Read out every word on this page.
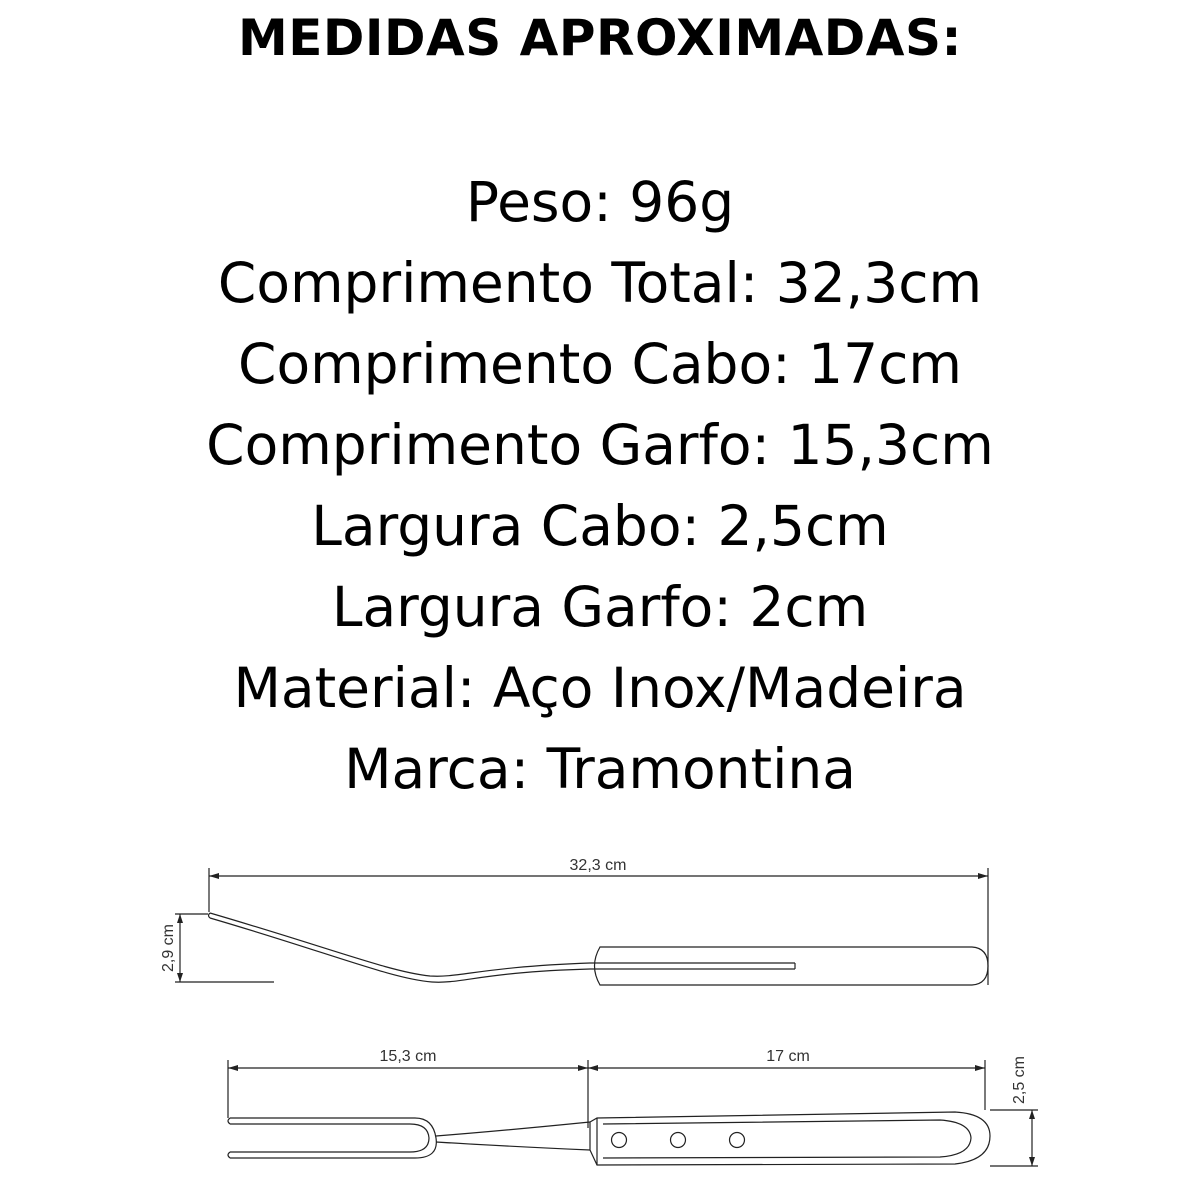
MEDIDAS APROXIMADAS:
Peso: 96g
Comprimento Total: 32,3cm
Comprimento Cabo: 17cm
Comprimento Garfo: 15,3cm
Largura Cabo: 2,5cm
Largura Garfo: 2cm
Material: Aço Inox/Madeira
Marca: Tramontina
32,3 cm
2,9 cm
15,3 cm	17 cm	2,5 cm
